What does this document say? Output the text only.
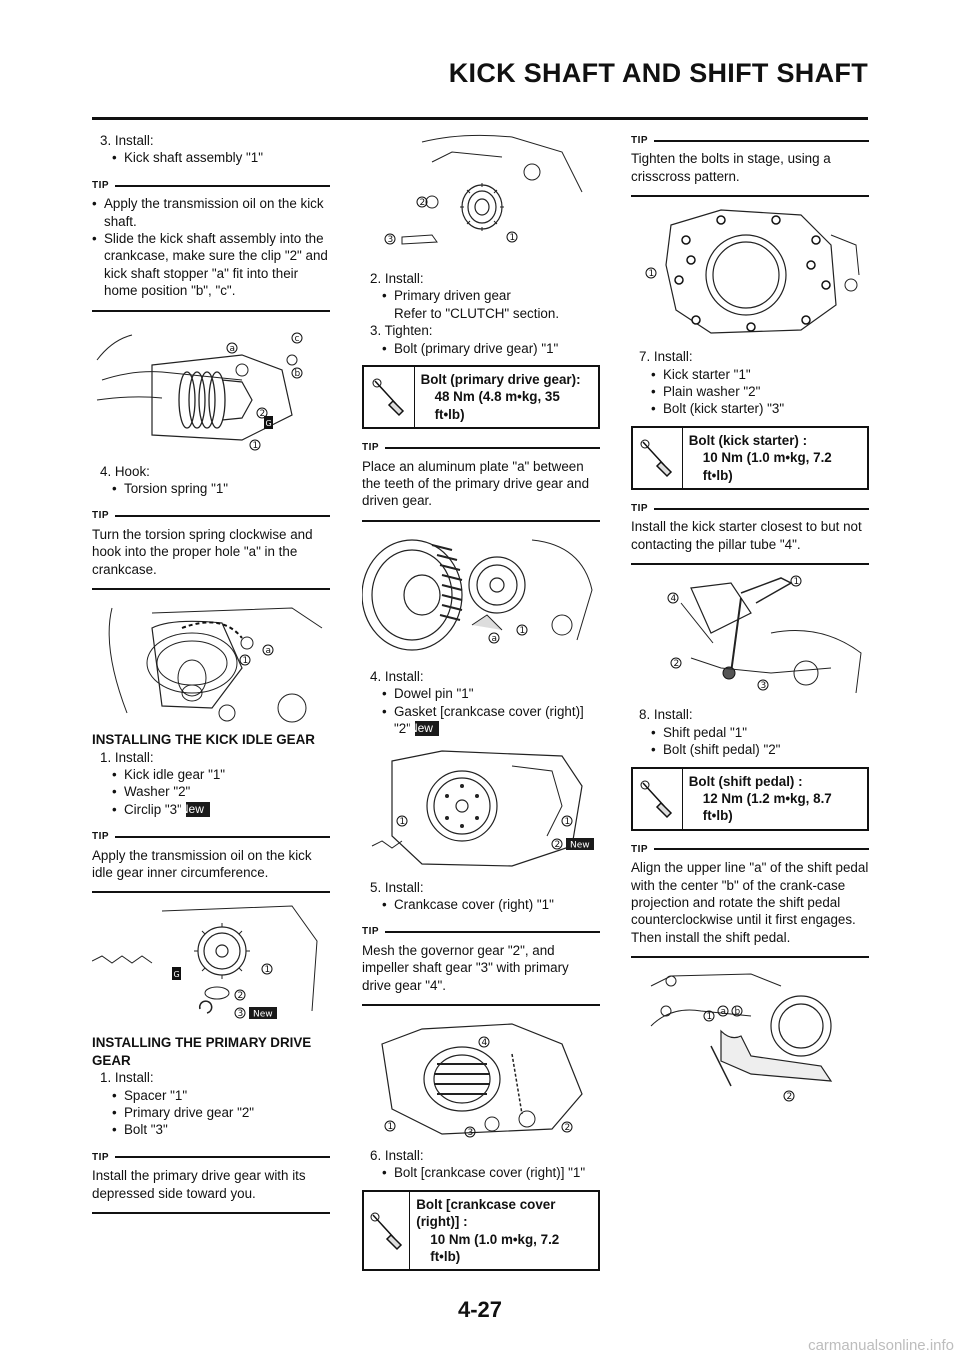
KICK SHAFT AND SHIFT SHAFT
3. Install:
• Kick shaft assembly "1"
TIP
• Apply the transmission oil on the kick shaft.
• Slide the kick shaft assembly into the crankcase, make sure the clip "2" and kick shaft stopper "a" fit into their home position "b", "c".
G
a
c
b
2
1
4. Hook:
• Torsion spring "1"
TIP
Turn the torsion spring clockwise and hook into the proper hole "a" in the crankcase.
1
a
INSTALLING THE KICK IDLE GEAR
1. Install:
• Kick idle gear "1"
• Washer "2"
• Circlip "3"New
TIP
Apply the transmission oil on the kick idle gear inner circumference.
G	1
2
3 New
INSTALLING THE PRIMARY DRIVE GEAR
1. Install:
• Spacer "1"
• Primary drive gear "2"
• Bolt "3"
TIP
Install the primary drive gear with its depressed side toward you.
2
3	1
2. Install:
• Primary driven gear
Refer to "CLUTCH" section.
3. Tighten:
• Bolt (primary drive gear) "1"
Bolt (primary drive gear):
48 Nm (4.8 m•kg, 35 ft•lb)
TIP
Place an aluminum plate "a" between the teeth of the primary drive gear and driven gear.
a
1
4. Install:
• Dowel pin "1"
• Gasket [crankcase cover (right)] "2"New
1	1
2 New
5. Install:
• Crankcase cover (right) "1"
TIP
Mesh the governor gear "2", and impeller shaft gear "3" with primary drive gear "4".
4
1
3	2
6. Install:
• Bolt [crankcase cover (right)] "1"
Bolt [crankcase cover (right)] :
10 Nm (1.0 m•kg, 7.2 ft•lb)
TIP
Tighten the bolts in stage, using a crisscross pattern.
1
7. Install:
• Kick starter "1"
• Plain washer "2"
• Bolt (kick starter) "3"
Bolt (kick starter) :
10 Nm (1.0 m•kg, 7.2 ft•lb)
TIP
Install the kick starter closest to but not contacting the pillar tube "4".
4
1
2
3
8. Install:
• Shift pedal "1"
• Bolt (shift pedal) "2"
Bolt (shift pedal) :
12 Nm (1.2 m•kg, 8.7 ft•lb)
TIP
Align the upper line "a" of the shift pedal with the center "b" of the crank-case projection and rotate the shift pedal counterclockwise until it first engages. Then install the shift pedal.
1 a b
2
4-27
carmanualsonline.info
